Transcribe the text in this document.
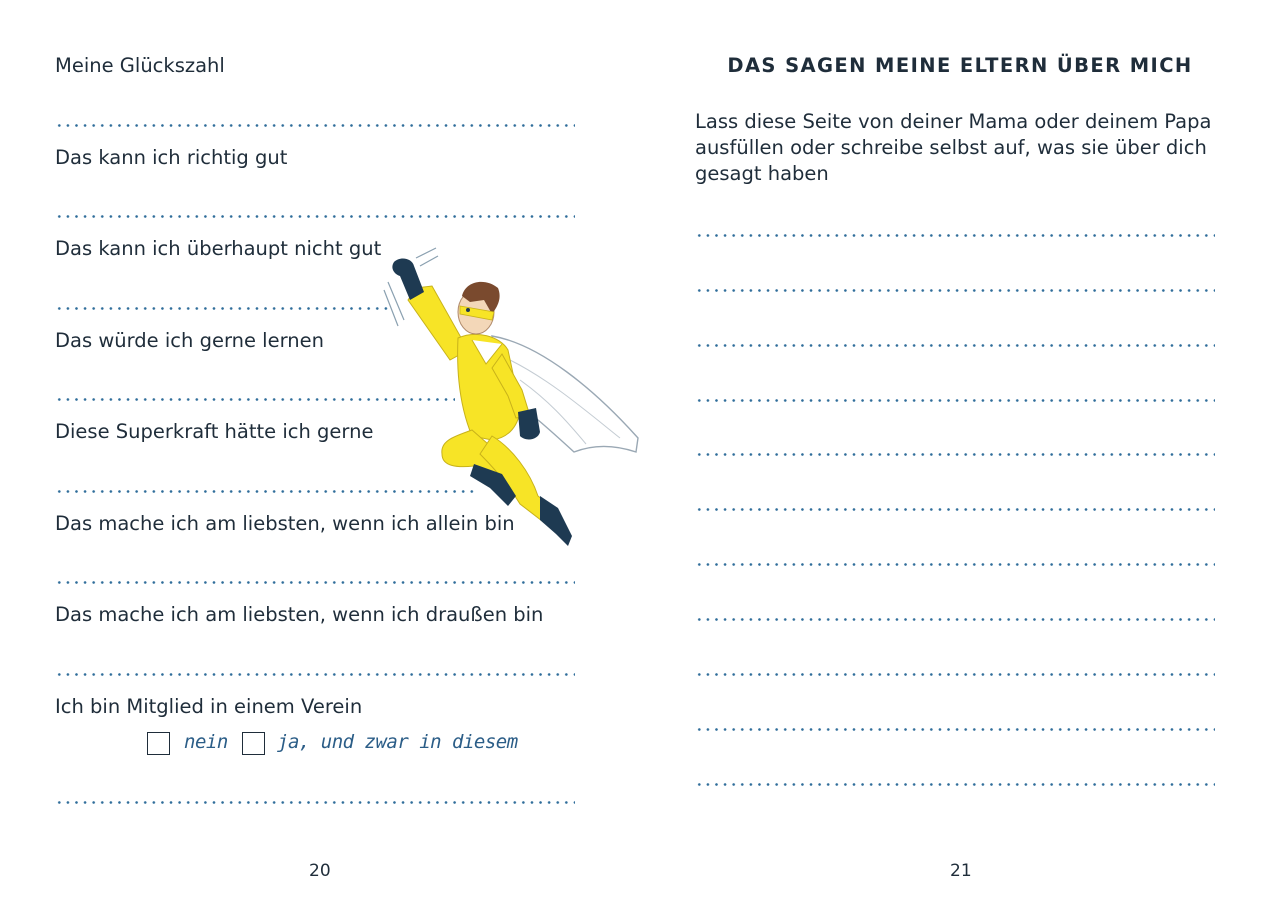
Meine Glückszahl
Das kann ich richtig gut
Das kann ich überhaupt nicht gut
Das würde ich gerne lernen
Diese Superkraft hätte ich gerne
Das mache ich am liebsten, wenn ich allein bin
Das mache ich am liebsten, wenn ich draußen bin
Ich bin Mitglied in einem Verein
nein	ja, und zwar in diesem
20
DAS SAGEN MEINE ELTERN ÜBER MICH
Lass diese Seite von deiner Mama oder deinem Papa ausfüllen oder schreibe selbst auf, was sie über dich gesagt haben
21
